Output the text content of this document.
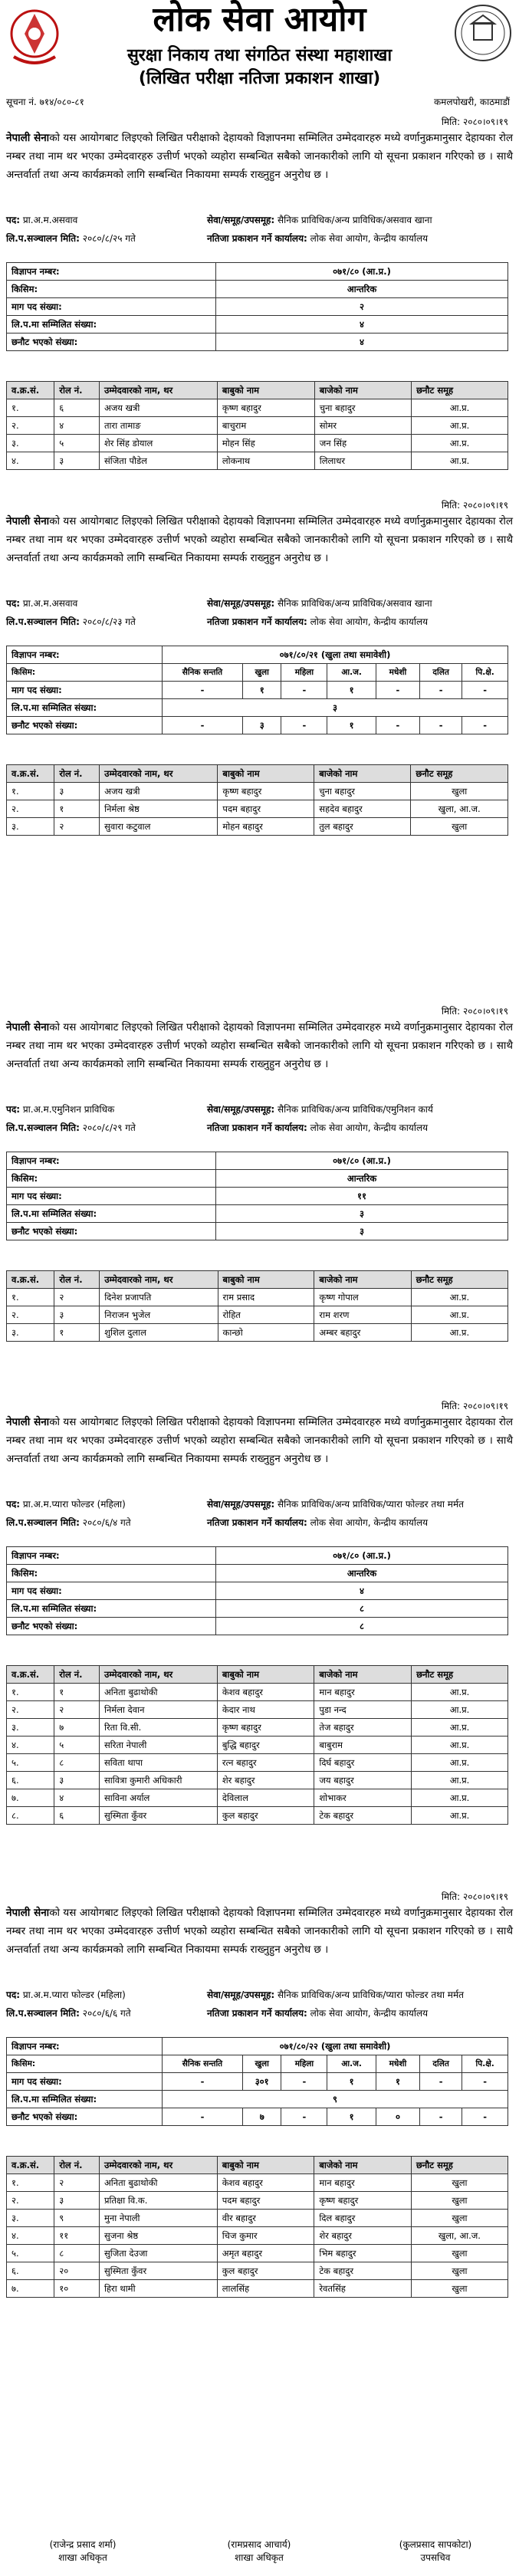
लोक सेवा आयोग
सुरक्षा निकाय तथा संगठित संस्था महाशाखा
(लिखित परीक्षा नतिजा प्रकाशन शाखा)
सूचना नं. ७१४/०८०-८१	कमलपोखरी, काठमाडौं
मिति: २०८०।०९।१९
नेपाली सेनाको यस आयोगबाट लिइएको लिखित परीक्षाको देहायको विज्ञापनमा सम्मिलित उम्मेदवारहरु मध्ये वर्णानुक्रमानुसार देहायका रोल नम्बर तथा नाम थर भएका उम्मेदवारहरु उत्तीर्ण भएको व्यहोरा सम्बन्धित सबैको जानकारीको लागि यो सूचना प्रकाशन गरिएको छ । साथै अन्तर्वार्ता तथा अन्य कार्यक्रमको लागि सम्बन्धित निकायमा सम्पर्क राख्नुहुन अनुरोध छ ।
पद: प्रा.अ.म.असवाव	सेवा/समूह/उपसमूह: सैनिक प्राविधिक/अन्य प्राविधिक/असवाव खाना
लि.प.सञ्चालन मिति: २०८०/८/२५ गते	नतिजा प्रकाशन गर्ने कार्यालय: लोक सेवा आयोग, केन्द्रीय कार्यालय
विज्ञापन नम्बर:	०७१/८० (आ.प्र.)
किसिम:	आन्तरिक
माग पद संख्या:	२
लि.प.मा सम्मिलित संख्या:	४
छनौट भएको संख्या:	४
व.क्र.सं.	रोल नं.	उम्मेदवारको नाम, थर	बाबुको नाम	बाजेको नाम	छनौट समूह
१.	६	अजय खत्री	कृष्ण बहादुर	चुना बहादुर	आ.प्र.
२.	४	तारा तामाङ	बाचुराम	सोमर	आ.प्र.
३.	५	शेर सिंह डोयाल	मोहन सिंह	जन सिंह	आ.प्र.
४.	३	संजिता पौडेल	लोकनाथ	लिलाधर	आ.प्र.
मिति: २०८०।०९।१९
नेपाली सेनाको यस आयोगबाट लिइएको लिखित परीक्षाको देहायको विज्ञापनमा सम्मिलित उम्मेदवारहरु मध्ये वर्णानुक्रमानुसार देहायका रोल नम्बर तथा नाम थर भएका उम्मेदवारहरु उत्तीर्ण भएको व्यहोरा सम्बन्धित सबैको जानकारीको लागि यो सूचना प्रकाशन गरिएको छ । साथै अन्तर्वार्ता तथा अन्य कार्यक्रमको लागि सम्बन्धित निकायमा सम्पर्क राख्नुहुन अनुरोध छ ।
पद: प्रा.अ.म.असवाव	सेवा/समूह/उपसमूह: सैनिक प्राविधिक/अन्य प्राविधिक/असवाव खाना
लि.प.सञ्चालन मिति: २०८०/८/२३ गते	नतिजा प्रकाशन गर्ने कार्यालय: लोक सेवा आयोग, केन्द्रीय कार्यालय
विज्ञापन नम्बर:	०७१/८०/२१ (खुला तथा समावेशी)						
किसिम:	सैनिक सन्तति	खुला	महिला	आ.ज.	मधेशी	दलित	पि.क्षे.
माग पद संख्या:	-	१	-	१	-	-	-
लि.प.मा सम्मिलित संख्या:	३						
छनौट भएको संख्या:	-	३	-	१	-	-	-
व.क्र.सं.	रोल नं.	उम्मेदवारको नाम, थर	बाबुको नाम	बाजेको नाम	छनौट समूह
१.	३	अजय खत्री	कृष्ण बहादुर	चुना बहादुर	खुला
२.	१	निर्मला श्रेष्ठ	पदम बहादुर	सहदेव बहादुर	खुला, आ.ज.
३.	२	सुवारा कटुवाल	मोहन बहादुर	तुल बहादुर	खुला
मिति: २०८०।०९।१९
नेपाली सेनाको यस आयोगबाट लिइएको लिखित परीक्षाको देहायको विज्ञापनमा सम्मिलित उम्मेदवारहरु मध्ये वर्णानुक्रमानुसार देहायका रोल नम्बर तथा नाम थर भएका उम्मेदवारहरु उत्तीर्ण भएको व्यहोरा सम्बन्धित सबैको जानकारीको लागि यो सूचना प्रकाशन गरिएको छ । साथै अन्तर्वार्ता तथा अन्य कार्यक्रमको लागि सम्बन्धित निकायमा सम्पर्क राख्नुहुन अनुरोध छ ।
पद: प्रा.अ.म.एमुनिशन प्राविधिक	सेवा/समूह/उपसमूह: सैनिक प्राविधिक/अन्य प्राविधिक/एमुनिशन कार्य
लि.प.सञ्चालन मिति: २०८०/८/२९ गते	नतिजा प्रकाशन गर्ने कार्यालय: लोक सेवा आयोग, केन्द्रीय कार्यालय
विज्ञापन नम्बर:	०७१/८० (आ.प्र.)
किसिम:	आन्तरिक
माग पद संख्या:	११
लि.प.मा सम्मिलित संख्या:	३
छनौट भएको संख्या:	३
व.क्र.सं.	रोल नं.	उम्मेदवारको नाम, थर	बाबुको नाम	बाजेको नाम	छनौट समूह
१.	२	दिनेश प्रजापति	राम प्रसाद	कृष्ण गोपाल	आ.प्र.
२.	३	निराजन भुजेल	रोहित	राम शरण	आ.प्र.
३.	१	शुशिल दुलाल	कान्छो	अम्बर बहादुर	आ.प्र.
मिति: २०८०।०९।१९
नेपाली सेनाको यस आयोगबाट लिइएको लिखित परीक्षाको देहायको विज्ञापनमा सम्मिलित उम्मेदवारहरु मध्ये वर्णानुक्रमानुसार देहायका रोल नम्बर तथा नाम थर भएका उम्मेदवारहरु उत्तीर्ण भएको व्यहोरा सम्बन्धित सबैको जानकारीको लागि यो सूचना प्रकाशन गरिएको छ । साथै अन्तर्वार्ता तथा अन्य कार्यक्रमको लागि सम्बन्धित निकायमा सम्पर्क राख्नुहुन अनुरोध छ ।
पद: प्रा.अ.म.प्यारा फोल्डर (महिला)	सेवा/समूह/उपसमूह: सैनिक प्राविधिक/अन्य प्राविधिक/प्यारा फोल्डर तथा मर्मत
लि.प.सञ्चालन मिति: २०८०/६/४ गते	नतिजा प्रकाशन गर्ने कार्यालय: लोक सेवा आयोग, केन्द्रीय कार्यालय
विज्ञापन नम्बर:	०७१/८० (आ.प्र.)
किसिम:	आन्तरिक
माग पद संख्या:	४
लि.प.मा सम्मिलित संख्या:	८
छनौट भएको संख्या:	८
व.क्र.सं.	रोल नं.	उम्मेदवारको नाम, थर	बाबुको नाम	बाजेको नाम	छनौट समूह
१.	१	अनिता बुढाथोकी	केशव बहादुर	मान बहादुर	आ.प्र.
२.	२	निर्मला देवान	केदार नाथ	पुडा नन्द	आ.प्र.
३.	७	रिता वि.सी.	कृष्ण बहादुर	तेज बहादुर	आ.प्र.
४.	५	सरिता नेपाली	बुद्धि बहादुर	बाबुराम	आ.प्र.
५.	८	सविता थापा	रत्न बहादुर	दिर्घ बहादुर	आ.प्र.
६.	३	सावित्रा कुमारी अधिकारी	शेर बहादुर	जय बहादुर	आ.प्र.
७.	४	साविना अर्याल	देविलाल	शोभाकर	आ.प्र.
८.	६	सुस्मिता कुँवर	कुल बहादुर	टेक बहादुर	आ.प्र.
मिति: २०८०।०९।१९
नेपाली सेनाको यस आयोगबाट लिइएको लिखित परीक्षाको देहायको विज्ञापनमा सम्मिलित उम्मेदवारहरु मध्ये वर्णानुक्रमानुसार देहायका रोल नम्बर तथा नाम थर भएका उम्मेदवारहरु उत्तीर्ण भएको व्यहोरा सम्बन्धित सबैको जानकारीको लागि यो सूचना प्रकाशन गरिएको छ । साथै अन्तर्वार्ता तथा अन्य कार्यक्रमको लागि सम्बन्धित निकायमा सम्पर्क राख्नुहुन अनुरोध छ ।
पद: प्रा.अ.म.प्यारा फोल्डर (महिला)	सेवा/समूह/उपसमूह: सैनिक प्राविधिक/अन्य प्राविधिक/प्यारा फोल्डर तथा मर्मत
लि.प.सञ्चालन मिति: २०८०/६/६ गते	नतिजा प्रकाशन गर्ने कार्यालय: लोक सेवा आयोग, केन्द्रीय कार्यालय
विज्ञापन नम्बर:	०७१/८०/२२ (खुला तथा समावेशी)						
किसिम:	सैनिक सन्तति	खुला	महिला	आ.ज.	मधेशी	दलित	पि.क्षे.
माग पद संख्या:	-	३०१	-	१	१	-	-
लि.प.मा सम्मिलित संख्या:	९						
छनौट भएको संख्या:	-	७	-	१	०	-	-
व.क्र.सं.	रोल नं.	उम्मेदवारको नाम, थर	बाबुको नाम	बाजेको नाम	छनौट समूह
१.	२	अनिता बुढाथोकी	केशव बहादुर	मान बहादुर	खुला
२.	३	प्रतिक्षा वि.क.	पदम बहादुर	कृष्ण बहादुर	खुला
३.	९	मुना नेपाली	वीर बहादुर	दिल बहादुर	खुला
४.	११	सुजना श्रेष्ठ	चिज कुमार	शेर बहादुर	खुला, आ.ज.
५.	८	सुजिता देउजा	अमृत बहादुर	भिम बहादुर	खुला
६.	२०	सुस्मिता कुँवर	कुल बहादुर	टेक बहादुर	खुला
७.	१०	हिरा थामी	लालसिंह	रेवतसिंह	खुला
(राजेन्द्र प्रसाद शर्मा)
शाखा अधिकृत
(रामप्रसाद आचार्य)
शाखा अधिकृत
(कुलप्रसाद सापकोटा)
उपसचिव
